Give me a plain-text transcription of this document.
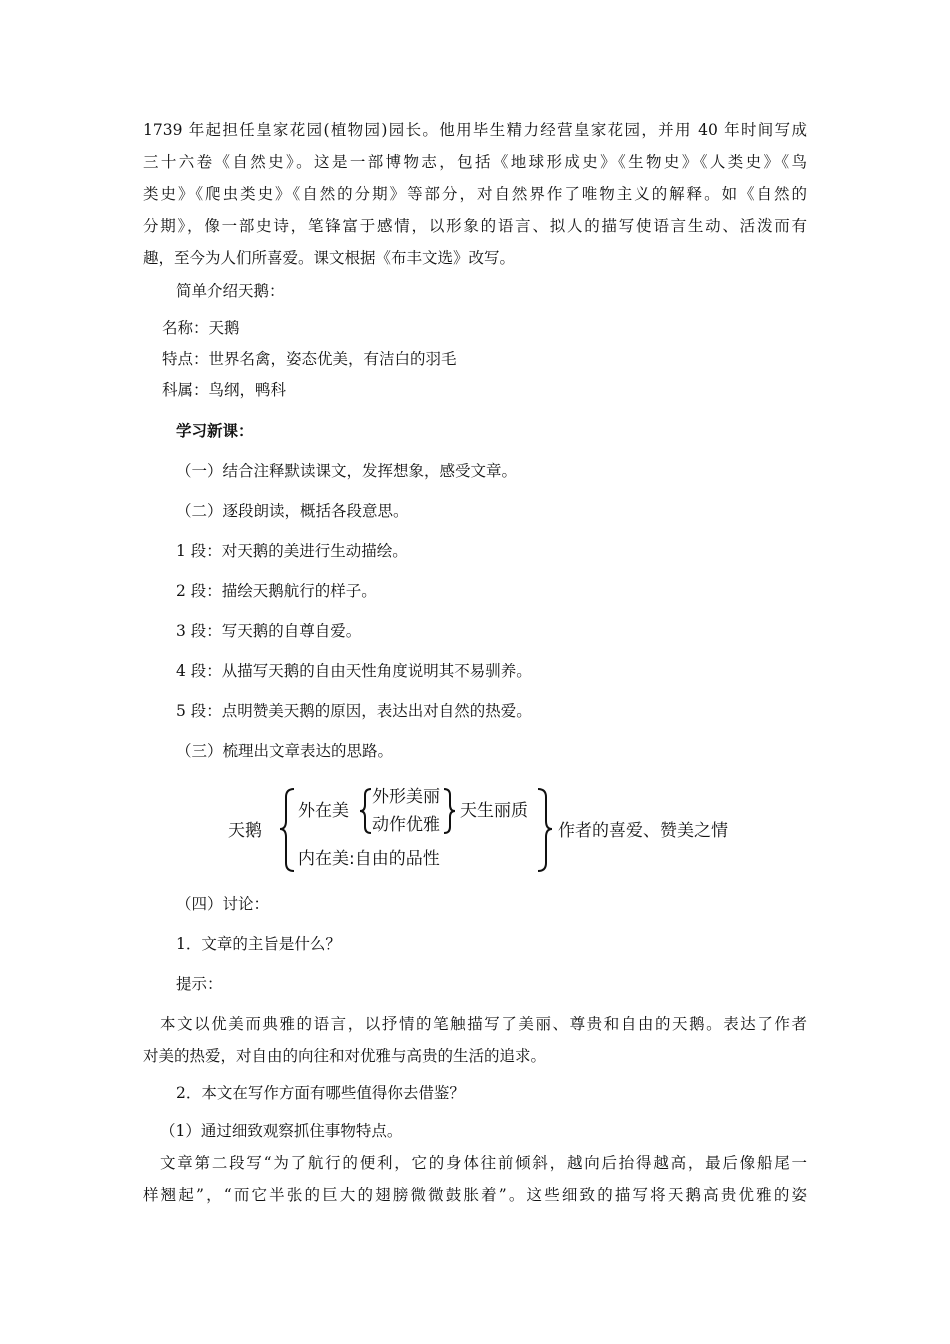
1739 年起担任皇家花园(植物园)园长。他用毕生精力经营皇家花园，并用 40 年时间写成
三十六卷《自然史》。这是一部博物志，包括《地球形成史》《生物史》《人类史》《鸟
类史》《爬虫类史》《自然的分期》等部分，对自然界作了唯物主义的解释。如《自然的
分期》，像一部史诗，笔锋富于感情，以形象的语言、拟人的描写使语言生动、活泼而有
趣，至今为人们所喜爱。课文根据《布丰文选》改写。
简单介绍天鹅：
名称：天鹅
特点：世界名禽，姿态优美，有洁白的羽毛
科属：鸟纲，鸭科
学习新课：
（一）结合注释默读课文，发挥想象，感受文章。
（二）逐段朗读，概括各段意思。
1 段：对天鹅的美进行生动描绘。
2 段：描绘天鹅航行的样子。
3 段：写天鹅的自尊自爱。
4 段：从描写天鹅的自由天性角度说明其不易驯养。
5 段：点明赞美天鹅的原因，表达出对自然的热爱。
（三）梳理出文章表达的思路。
天鹅
外在美
外形美丽
动作优雅
天生丽质
内在美:自由的品性
作者的喜爱、赞美之情
（四）讨论：
1．文章的主旨是什么？
提示：
本文以优美而典雅的语言，以抒情的笔触描写了美丽、尊贵和自由的天鹅。表达了作者
对美的热爱，对自由的向往和对优雅与高贵的生活的追求。
2．本文在写作方面有哪些值得你去借鉴？
（1）通过细致观察抓住事物特点。
文章第二段写“为了航行的便利，它的身体往前倾斜，越向后抬得越高，最后像船尾一
样翘起”，“而它半张的巨大的翅膀微微鼓胀着”。这些细致的描写将天鹅高贵优雅的姿
